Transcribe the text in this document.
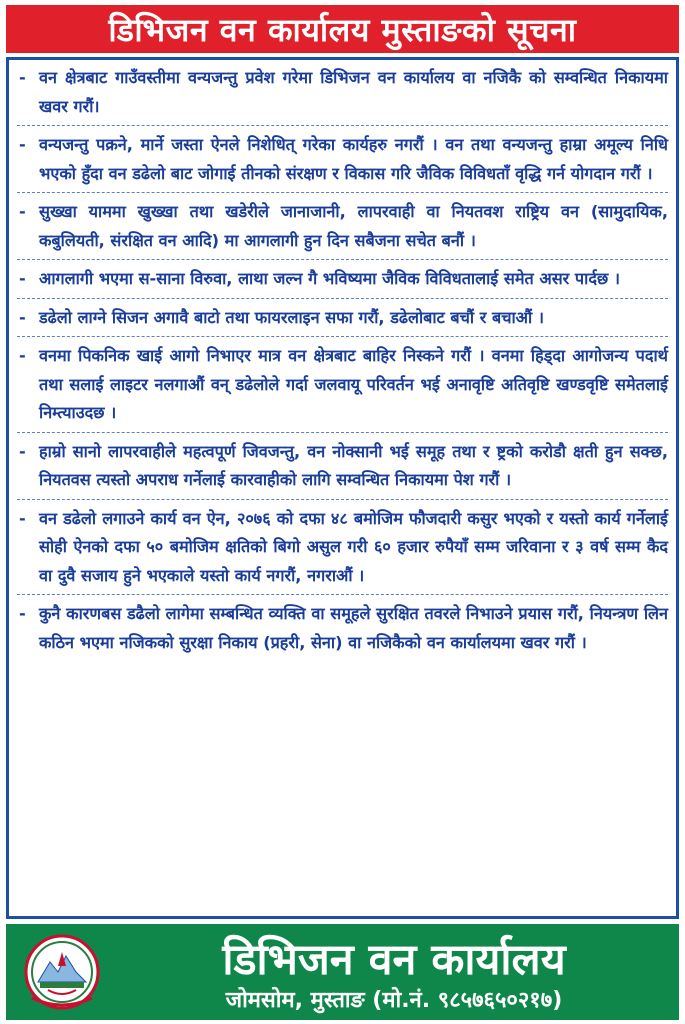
डिभिजन वन कार्यालय मुस्ताङको सूचना
- वन क्षेत्रबाट गाउँवस्तीमा वन्यजन्तु प्रवेश गरेमा डिभिजन वन कार्यालय वा नजिकै को सम्वन्धित निकायमा खवर गरौं।
- वन्यजन्तु पक्रने, मार्ने जस्ता ऐनले निशेधित् गरेका कार्यहरु नगरौं । वन तथा वन्यजन्तु हाम्रा अमूल्य निधि भएको हुँदा वन डढेलो बाट जोगाई तीनको संरक्षण र विकास गरि जैविक विविधताँ वृद्धि गर्न योगदान गरौं ।
- सुख्खा याममा खुख्खा तथा खडेरीले जानाजानी, लापरवाही वा नियतवश राष्ट्रिय वन (सामुदायिक, कबुलियती, संरक्षित वन आदि) मा आगलागी हुन दिन सबैजना सचेत बनौं ।
- आगलागी भएमा स-साना विरुवा, लाथा जल्न गै भविष्यमा जैविक विविधतालाई समेत असर पार्दछ ।
- डढेलो लाग्ने सिजन अगावै बाटो तथा फायरलाइन सफा गरौं, डढेलोबाट बचौं र बचाऔं ।
- वनमा पिकनिक खाई आगो निभाएर मात्र वन क्षेत्रबाट बाहिर निस्कने गरौं । वनमा हिड्दा आगोजन्य पदार्थ तथा सलाई लाइटर नलगाऔं वन् डढेलोले गर्दा जलवायू परिवर्तन भई अनावृष्टि अतिवृष्टि खण्डवृष्टि समेतलाई निम्त्याउदछ ।
- हाम्रो सानो लापरवाहीले महत्वपूर्ण जिवजन्तु, वन नोक्सानी भई समूह तथा र ष्ट्रको करोडौ क्षती हुन सक्छ, नियतवस त्यस्तो अपराध गर्नेलाई कारवाहीको लागि सम्वन्धित निकायमा पेश गरौं ।
- वन डढेलो लगाउने कार्य वन ऐन, २०७६ को दफा ४८ बमोजिम फौजदारी कसुर भएको र यस्तो कार्य गर्नेलाई सोही ऐनको दफा ५० बमोजिम क्षतिको बिगो असुल गरी ६० हजार रुपैयाँ सम्म जरिवाना र ३ वर्ष सम्म कैद वा दुवै सजाय हुने भएकाले यस्तो कार्य नगरौं, नगराऔं ।
- कुनै कारणबस डढैलो लागेमा सम्बन्धित व्यक्ति वा समूहले सुरक्षित तवरले निभाउने प्रयास गरौं, नियन्त्रण लिन कठिन भएमा नजिकको सुरक्षा निकाय (प्रहरी, सेना) वा नजिकैको वन कार्यालयमा खवर गरौं ।
डिभिजन वन कार्यालय
जोमसोम, मुस्ताङ (मो.नं. ९८५७६५०२१७)
